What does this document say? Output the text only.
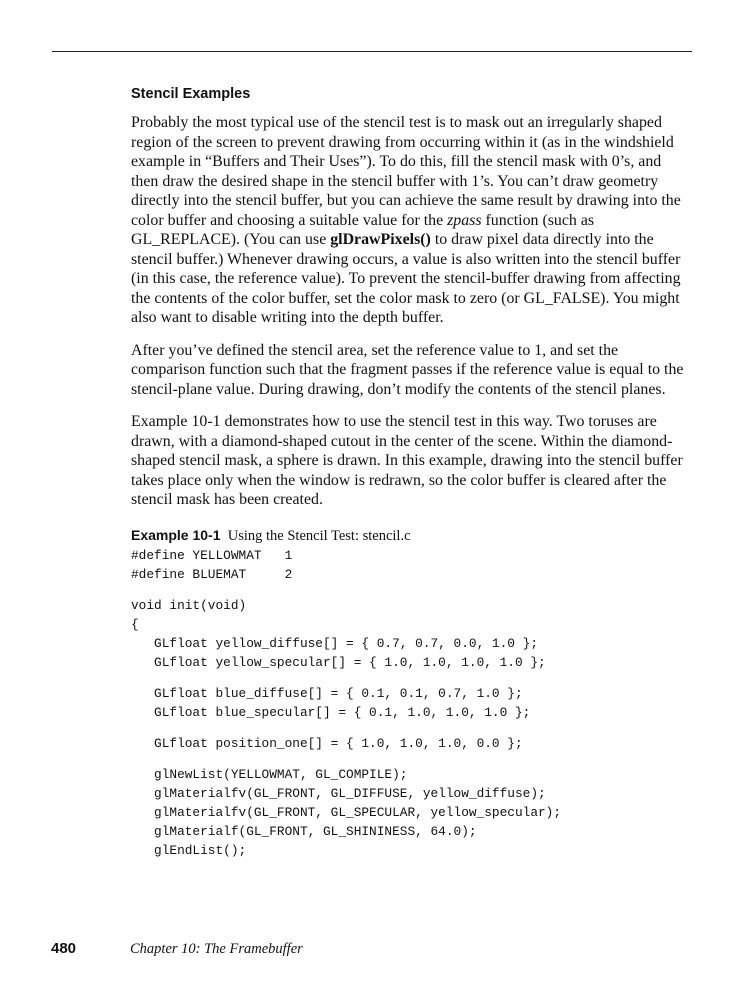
Stencil Examples

Probably the most typical use of the stencil test is to mask out an irregularly shaped region of the screen to prevent drawing from occurring within it (as in the windshield example in “Buffers and Their Uses”). To do this, fill the stencil mask with 0’s, and then draw the desired shape in the stencil buffer with 1’s. You can’t draw geometry directly into the stencil buffer, but you can achieve the same result by drawing into the color buffer and choosing a suitable value for the zpass function (such as GL_REPLACE). (You can use glDrawPixels() to draw pixel data directly into the stencil buffer.) Whenever drawing occurs, a value is also written into the stencil buffer (in this case, the reference value). To prevent the stencil-buffer drawing from affecting the contents of the color buffer, set the color mask to zero (or GL_FALSE). You might also want to disable writing into the depth buffer.

After you’ve defined the stencil area, set the reference value to 1, and set the comparison function such that the fragment passes if the reference value is equal to the stencil-plane value. During drawing, don’t modify the contents of the stencil planes.

Example 10-1 demonstrates how to use the stencil test in this way. Two toruses are drawn, with a diamond-shaped cutout in the center of the scene. Within the diamond-shaped stencil mask, a sphere is drawn. In this example, drawing into the stencil buffer takes place only when the window is redrawn, so the color buffer is cleared after the stencil mask has been created.

Example 10-1 Using the Stencil Test: stencil.c
#define YELLOWMAT   1
#define BLUEMAT     2
void init(void)
{
GLfloat yellow_diffuse[] = { 0.7, 0.7, 0.0, 1.0 };
GLfloat yellow_specular[] = { 1.0, 1.0, 1.0, 1.0 };
GLfloat blue_diffuse[] = { 0.1, 0.1, 0.7, 1.0 };
GLfloat blue_specular[] = { 0.1, 1.0, 1.0, 1.0 };
GLfloat position_one[] = { 1.0, 1.0, 1.0, 0.0 };
glNewList(YELLOWMAT, GL_COMPILE);
glMaterialfv(GL_FRONT, GL_DIFFUSE, yellow_diffuse);
glMaterialfv(GL_FRONT, GL_SPECULAR, yellow_specular);
glMaterialf(GL_FRONT, GL_SHININESS, 64.0);
glEndList();
480	Chapter 10: The Framebuffer
